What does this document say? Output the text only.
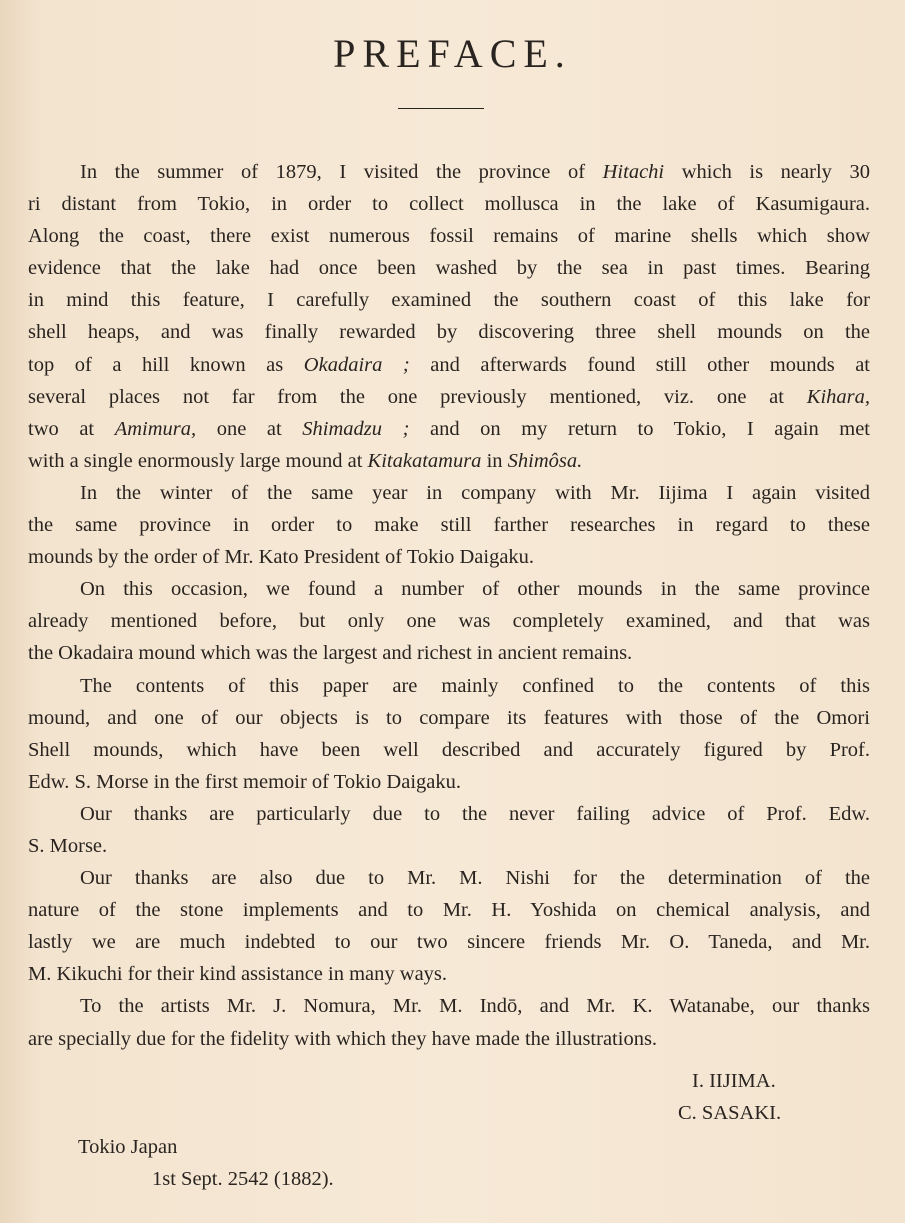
PREFACE.
In the summer of 1879, I visited the province of Hitachi which is nearly 30
ri distant from Tokio, in order to collect mollusca in the lake of Kasumigaura.
Along the coast, there exist numerous fossil remains of marine shells which show
evidence that the lake had once been washed by the sea in past times. Bearing
in mind this feature, I carefully examined the southern coast of this lake for
shell heaps, and was finally rewarded by discovering three shell mounds on the
top of a hill known as Okadaira ; and afterwards found still other mounds at
several places not far from the one previously mentioned, viz. one at Kihara,
two at Amimura, one at Shimadzu ; and on my return to Tokio, I again met
with a single enormously large mound at Kitakatamura in Shimôsa.
In the winter of the same year in company with Mr. Iijima I again visited
the same province in order to make still farther researches in regard to these
mounds by the order of Mr. Kato President of Tokio Daigaku.
On this occasion, we found a number of other mounds in the same province
already mentioned before, but only one was completely examined, and that was
the Okadaira mound which was the largest and richest in ancient remains.
The contents of this paper are mainly confined to the contents of this
mound, and one of our objects is to compare its features with those of the Omori
Shell mounds, which have been well described and accurately figured by Prof.
Edw. S. Morse in the first memoir of Tokio Daigaku.
Our thanks are particularly due to the never failing advice of Prof. Edw.
S. Morse.
Our thanks are also due to Mr. M. Nishi for the determination of the
nature of the stone implements and to Mr. H. Yoshida on chemical analysis, and
lastly we are much indebted to our two sincere friends Mr. O. Taneda, and Mr.
M. Kikuchi for their kind assistance in many ways.
To the artists Mr. J. Nomura, Mr. M. Indō, and Mr. K. Watanabe, our thanks
are specially due for the fidelity with which they have made the illustrations.
I. IIJIMA.
C. SASAKI.
Tokio Japan
1st Sept. 2542 (1882).
